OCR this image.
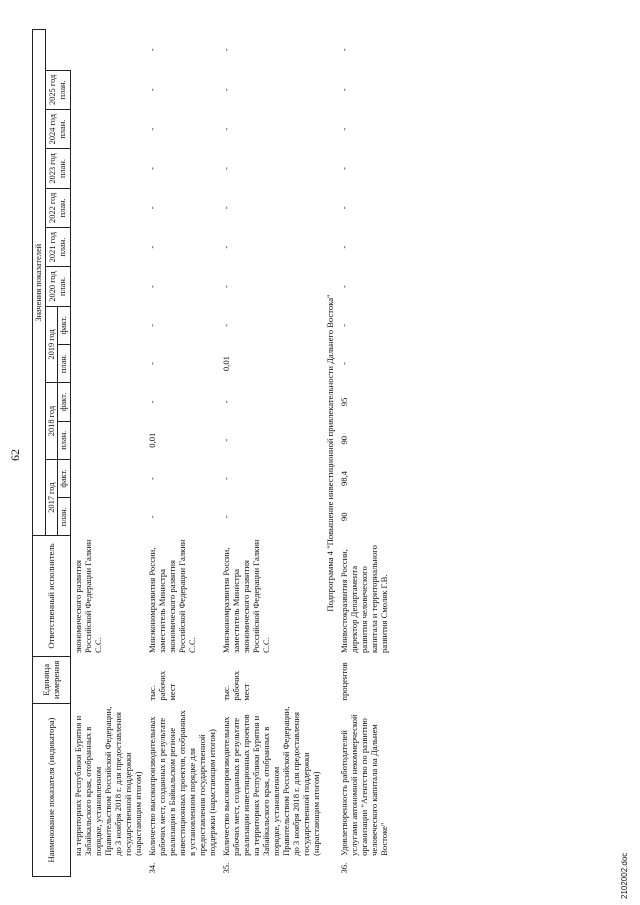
62
Наименование показателя (индикатора)		Единица измерения	Ответственный исполнитель	Значения показателей												
				2017 год		2018 год		2019 год		2020 год план.	2021 год план.	2022 год план.	2023 год план.	2024 год план.	2025 год план.	
				план.	факт.	план.	факт.	план.	факт.							
	на территориях Республики Бурятия и Забайкальского края, отобранных в порядке, установленном Правительством Российской Федерации, до 3 ноября 2018 г. для предоставления государственной поддержки (нарастающим итогом)		экономического развития Российской Федерации Галкин С.С.													
34.	Количество высокопроизводительных рабочих мест, созданных в результате реализации в Байкальском регионе инвестиционных проектов, отобранных в установленном порядке для предоставления государственной поддержки (нарастающим итогом)	тыс. рабочих мест	Минэкономразвития России, заместитель Министра экономического развития Российской Федерации Галкин С.С.	-	-	0,01	-	-	-	-	-	-	-	-	-	-
35.	Количество высокопроизводительных рабочих мест, созданных в результате реализации инвестиционных проектов на территориях Республики Бурятия и Забайкальского края, отобранных в порядке, установленном Правительством Российской Федерации, до 3 ноября 2018 г. для предоставления государственной поддержки (нарастающим итогом)	тыс. рабочих мест	Минэкономразвития России, заместитель Министра экономического развития Российской Федерации Галкин С.С.	-	-	-	-	0,01	-	-	-	-	-	-	-	-
Подпрограмма 4 "Повышение инвестиционной привлекательности Дальнего Востока"																
36.	Удовлетворенность работодателей услугами автономной некоммерческой организации "Агентство по развитию человеческого капитала на Дальнем Востоке"	процентов	Минвостокразвития России, директор Департамента развития человеческого капитала и территориального развития Смоляк Г.В.	90	98,4	90	95	-	-	-	-	-	-	-	-	-
2102002.doc
